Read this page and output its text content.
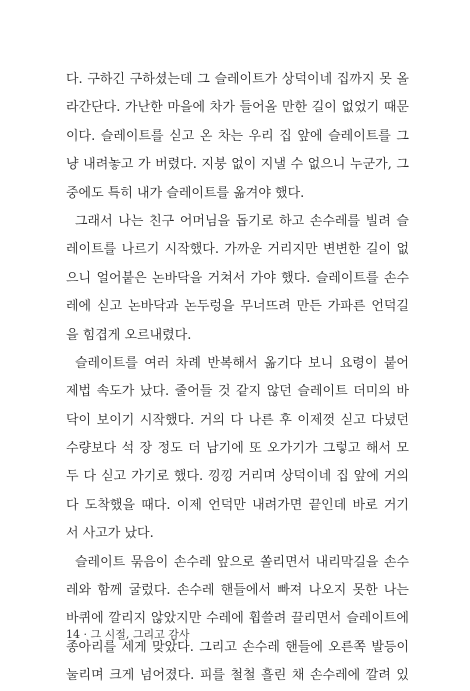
다. 구하긴 구하셨는데 그 슬레이트가 상덕이네 집까지 못 올
라간단다. 가난한 마을에 차가 들어올 만한 길이 없었기 때문
이다. 슬레이트를 싣고 온 차는 우리 집 앞에 슬레이트를 그
냥 내려놓고 가 버렸다. 지붕 없이 지낼 수 없으니 누군가, 그
중에도 특히 내가 슬레이트를 옮겨야 했다.
그래서 나는 친구 어머님을 돕기로 하고 손수레를 빌려 슬
레이트를 나르기 시작했다. 가까운 거리지만 변변한 길이 없
으니 얼어붙은 논바닥을 거쳐서 가야 했다. 슬레이트를 손수
레에 싣고 논바닥과 논두렁을 무너뜨려 만든 가파른 언덕길
을 힘겹게 오르내렸다.
슬레이트를 여러 차례 반복해서 옮기다 보니 요령이 붙어
제법 속도가 났다. 줄어들 것 같지 않던 슬레이트 더미의 바
닥이 보이기 시작했다. 거의 다 나른 후 이제껏 싣고 다녔던
수량보다 석 장 정도 더 남기에 또 오가기가 그렇고 해서 모
두 다 싣고 가기로 했다. 낑낑 거리며 상덕이네 집 앞에 거의
다 도착했을 때다. 이제 언덕만 내려가면 끝인데 바로 거기
서 사고가 났다.
슬레이트 묶음이 손수레 앞으로 쏠리면서 내리막길을 손수
레와 함께 굴렀다. 손수레 핸들에서 빠져 나오지 못한 나는
바퀴에 깔리지 않았지만 수레에 휩쓸려 끌리면서 슬레이트에
종아리를 세게 맞았다. 그리고 손수레 핸들에 오른쪽 발등이
눌리며 크게 넘어졌다. 피를 철철 흘린 채 손수레에 깔려 있
14 · 그 시절, 그리고 감사
